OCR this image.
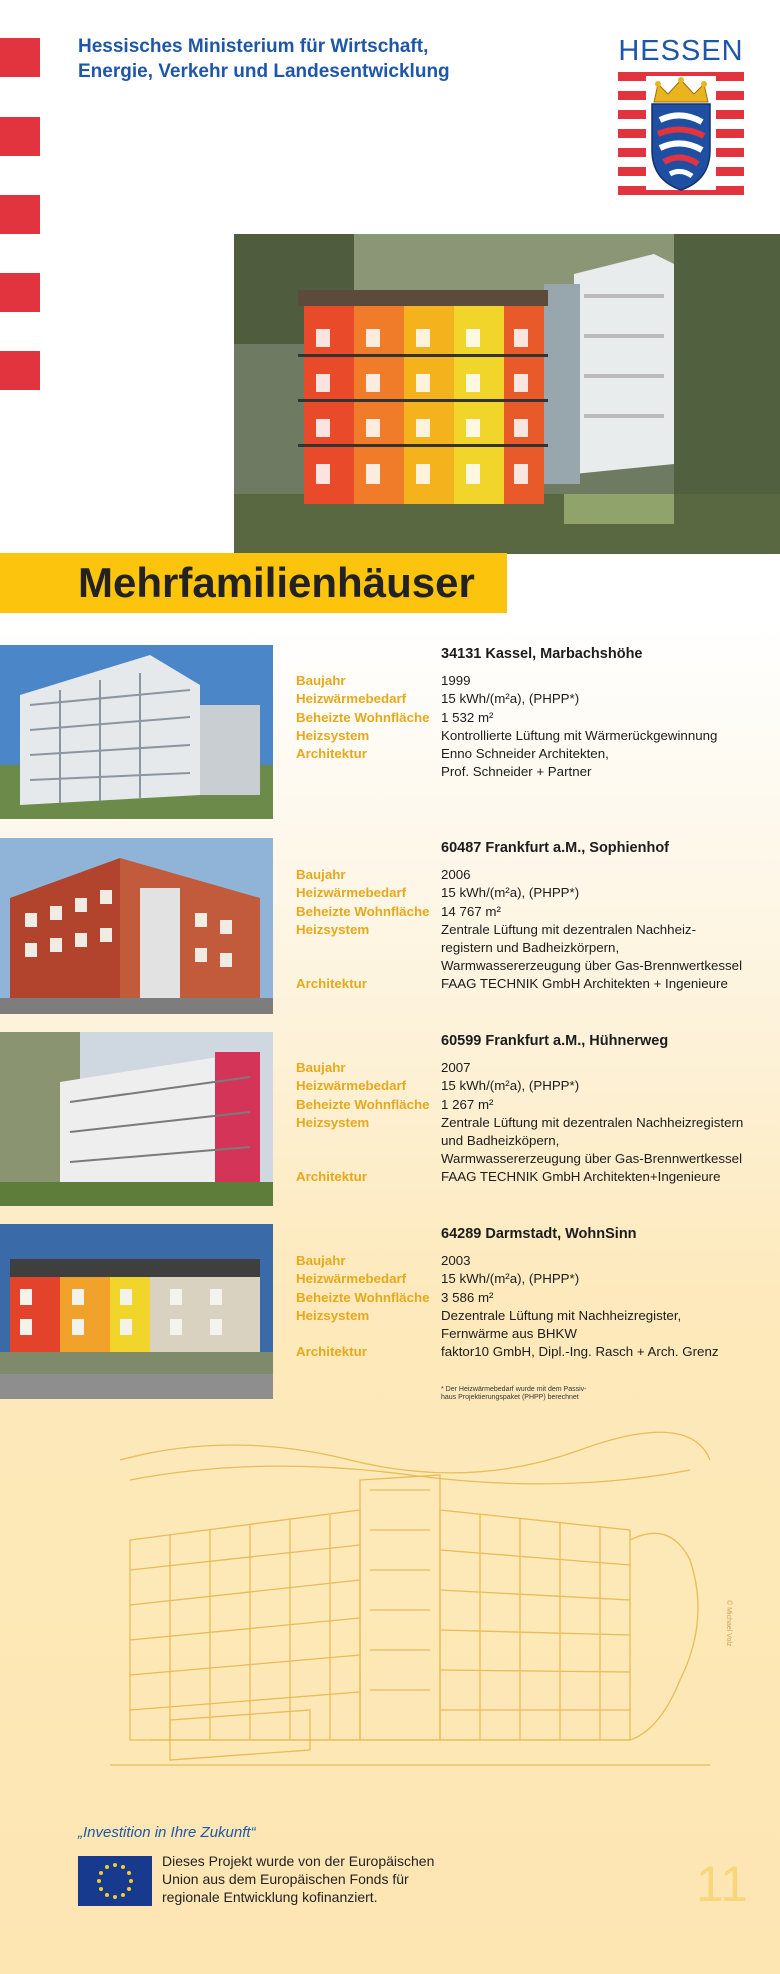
Hessisches Ministerium für Wirtschaft,
Energie, Verkehr und Landesentwicklung
HESSEN
Mehrfamilienhäuser
34131 Kassel, Marbachshöhe
Baujahr	1999
Heizwärmebedarf	15 kWh/(m²a), (PHPP*)
Beheizte Wohnfläche 1 532 m²
Heizsystem	Kontrollierte Lüftung mit Wärmerückgewinnung
Architektur	Enno Schneider Architekten,
Prof. Schneider + Partner
60487 Frankfurt a.M., Sophienhof
Baujahr	2006
Heizwärmebedarf	15 kWh/(m²a), (PHPP*)
Beheizte Wohnfläche 14 767 m²
Heizsystem	Zentrale Lüftung mit dezentralen Nachheiz-
registern und Badheizkörpern,
Warmwassererzeugung über Gas-Brennwertkessel
Architektur	FAAG TECHNIK GmbH Architekten + Ingenieure
60599 Frankfurt a.M., Hühnerweg
Baujahr	2007
Heizwärmebedarf	15 kWh/(m²a), (PHPP*)
Beheizte Wohnfläche 1 267 m²
Heizsystem	Zentrale Lüftung mit dezentralen Nachheizregistern
und Badheizköpern,
Warmwassererzeugung über Gas-Brennwertkessel
Architektur	FAAG TECHNIK GmbH Architekten+Ingenieure
64289 Darmstadt, WohnSinn
Baujahr	2003
Heizwärmebedarf	15 kWh/(m²a), (PHPP*)
Beheizte Wohnfläche 3 586 m²
Heizsystem	Dezentrale Lüftung mit Nachheizregister,
Fernwärme aus BHKW
Architektur	faktor10 GmbH, Dipl.-Ing. Rasch + Arch. Grenz
* Der Heizwärmebedarf wurde mit dem Passiv-
haus Projektierungspaket (PHPP) berechnet
© Michael Volz
„Investition in Ihre Zukunft“
Dieses Projekt wurde von der Europäischen
Union aus dem Europäischen Fonds für
regionale Entwicklung kofinanziert.	11
